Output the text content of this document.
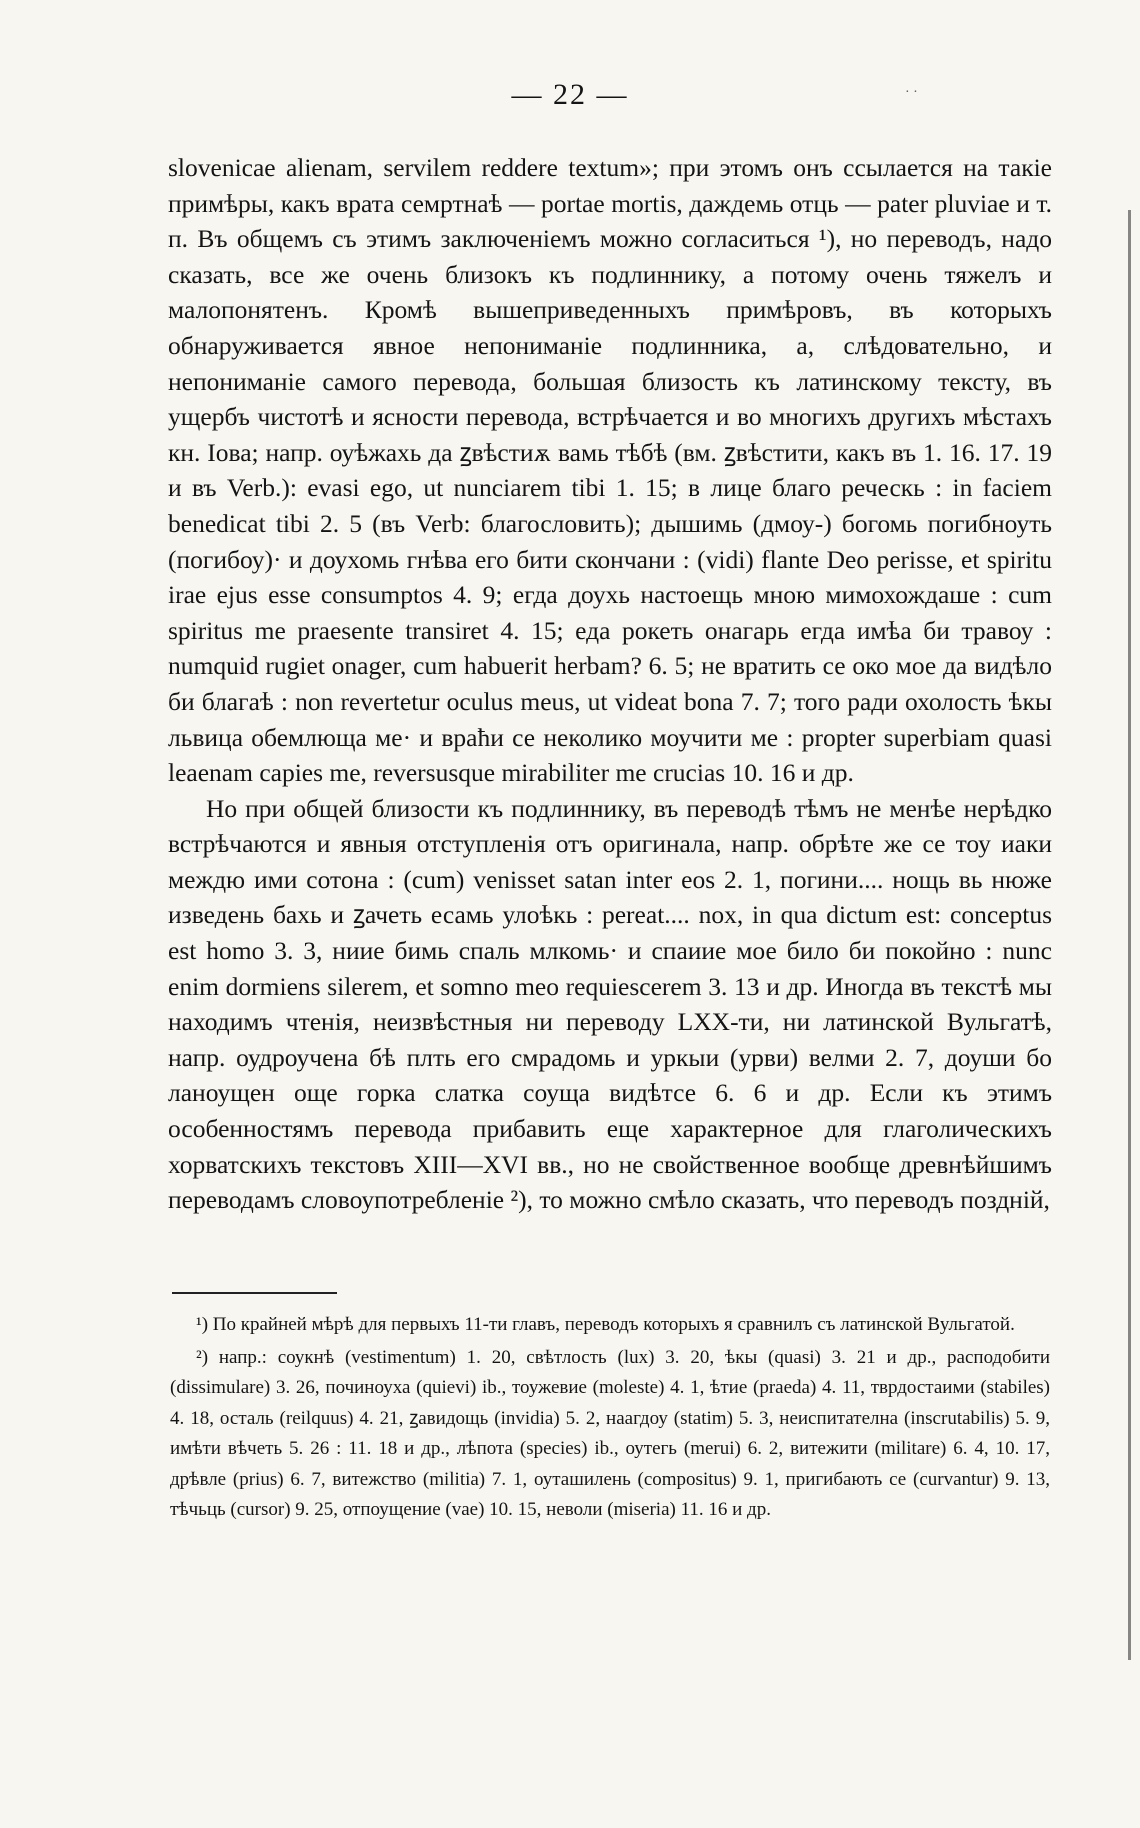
— 22 —	· ·

slovenicae alienam, servilem reddere textum»; при этомъ онъ ссылается на такіе примѣры, какъ врата семртнаѣ — portae mortis, даждемь отць — pater pluviae и т. п. Въ общемъ съ этимъ заключеніемъ можно согласиться ¹), но переводъ, надо сказать, все же очень близокъ къ подлиннику, а потому очень тяжелъ и малопонятенъ. Кромѣ вышеприведенныхъ примѣровъ, въ которыхъ обнаруживается явное непониманіе подлинника, а, слѣдовательно, и непониманіе самого перевода, большая близость къ латинскому тексту, въ ущербъ чистотѣ и ясности перевода, встрѣчается и во многихъ другихъ мѣстахъ кн. Іова; напр. оуѣжахь да ꙁвѣстиѫ вамь тѣбѣ (вм. ꙁвѣстити, какъ въ 1. 16. 17. 19 и въ Verb.): evasi ego, ut nunciarem tibi 1. 15; в лице благо реческь : in faciem benedicat tibi 2. 5 (въ Verb: благословить); дышимь (дмоу-) богомь погибноуть (погибоу)· и доухомь гнѣва его бити скончани : (vidi) flante Deo perisse, et spiritu irae ejus esse consumptos 4. 9; егда доухь настоещь мною мимохождаше : cum spiritus me praesente transiret 4. 15; еда рокеть онагарь егда имѣа би травоу : numquid rugiet onager, cum habuerit herbam? 6. 5; не вратить се око мое да видѣло би благаѣ : non revertetur oculus meus, ut videat bona 7. 7; того ради охолость ѣкы львица обемлюща ме· и враћи се неколико моучити ме : propter superbiam quasi leaenam capies me, reversusque mirabiliter me crucias 10. 16 и др.

Но при общей близости къ подлиннику, въ переводѣ тѣмъ не менѣе нерѣдко встрѣчаются и явныя отступленія отъ оригинала, напр. обрѣте же се тоу иаки междю ими сотона : (cum) venisset satan inter eos 2. 1, погини.... нощь вь нюже изведень бахь и ꙁачеть есамь улоѣкь : pereat.... nox, in qua dictum est: conceptus est homo 3. 3, ниие бимь спаль млкомь· и спаиие мое било би покойно : nunc enim dormiens silerem, et somno meo requiescerem 3. 13 и др. Иногда въ текстѣ мы находимъ чтенія, неизвѣстныя ни переводу LXX-ти, ни латинской Вульгатѣ, напр. оудроучена бѣ плть его смрадомь и уркыи (урви) велми 2. 7, доуши бо ланоущен още горка слатка соуща видѣтсе 6. 6 и др. Если къ этимъ особенностямъ перевода прибавить еще характерное для глаголическихъ хорватскихъ текстовъ XIII—XVI вв., но не свойственное вообще древнѣйшимъ переводамъ словоупотребленіе ²), то можно смѣло сказать, что переводъ поздній,

¹) По крайней мѣрѣ для первыхъ 11-ти главъ, переводъ которыхъ я сравнилъ съ латинской Вульгатой.

²) напр.: соукнѣ (vestimentum) 1. 20, свѣтлость (lux) 3. 20, ѣкы (quasi) 3. 21 и др., расподобити (dissimulare) 3. 26, починоуха (quievi) ib., тоужевие (moleste) 4. 1, ѣтие (praeda) 4. 11, тврдостаими (stabiles) 4. 18, осталь (reilquus) 4. 21, ꙁавидощь (invidia) 5. 2, наагдоу (statim) 5. 3, неиспитателна (inscrutabilis) 5. 9, имѣти вѣчеть 5. 26 : 11. 18 и др., лѣпота (species) ib., оутегь (merui) 6. 2, витежити (militare) 6. 4, 10. 17, дрѣвле (prius) 6. 7, витежство (militia) 7. 1, оуташилень (compositus) 9. 1, пригибають се (curvantur) 9. 13, тѣчьць (cursor) 9. 25, отпоущение (vae) 10. 15, неволи (miseria) 11. 16 и др.
